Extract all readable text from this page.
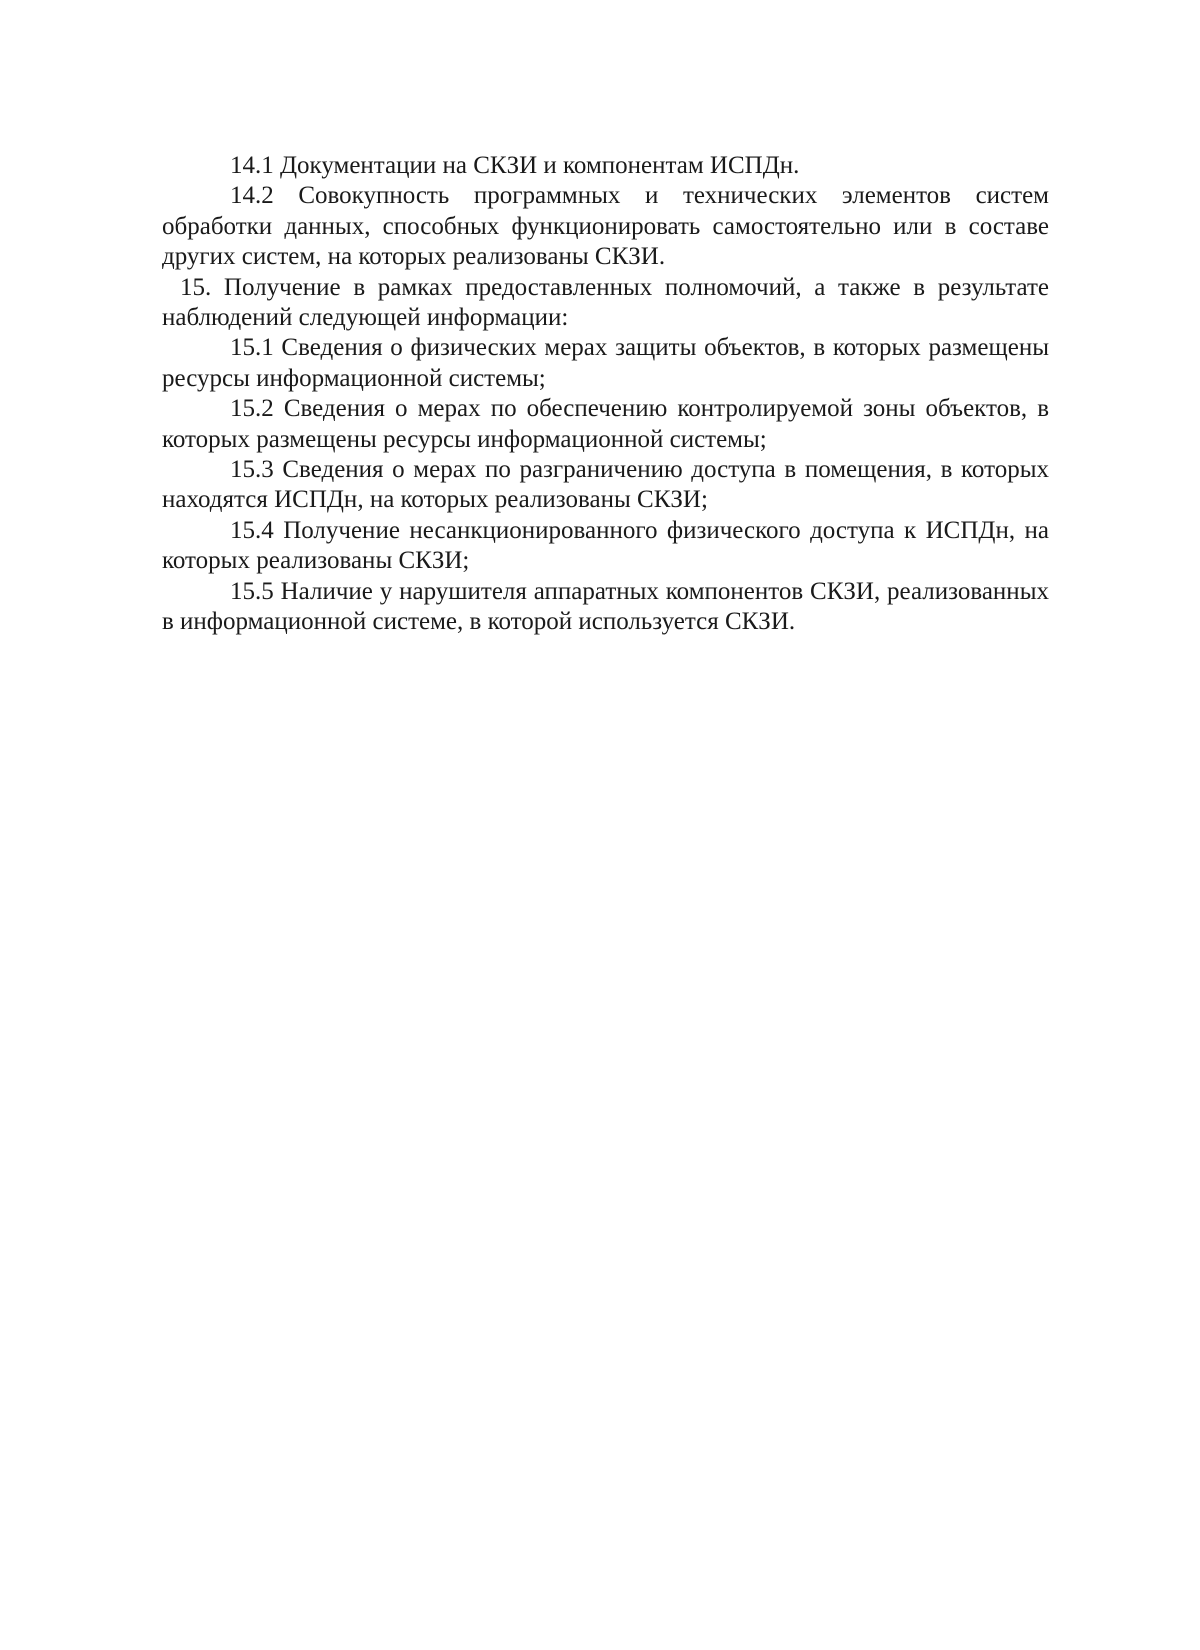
14.1 Документации на СКЗИ и компонентам ИСПДн.

14.2 Совокупность программных и технических элементов систем обработки данных, способных функционировать самостоятельно или в составе других систем, на которых реализованы СКЗИ.

15. Получение в рамках предоставленных полномочий, а также в результате наблюдений следующей информации:

15.1 Сведения о физических мерах защиты объектов, в которых размещены ресурсы информационной системы;

15.2 Сведения о мерах по обеспечению контролируемой зоны объектов, в которых размещены ресурсы информационной системы;

15.3 Сведения о мерах по разграничению доступа в помещения, в которых находятся ИСПДн, на которых реализованы СКЗИ;

15.4 Получение несанкционированного физического доступа к ИСПДн, на которых реализованы СКЗИ;

15.5 Наличие у нарушителя аппаратных компонентов СКЗИ, реализованных в информационной системе, в которой используется СКЗИ.
